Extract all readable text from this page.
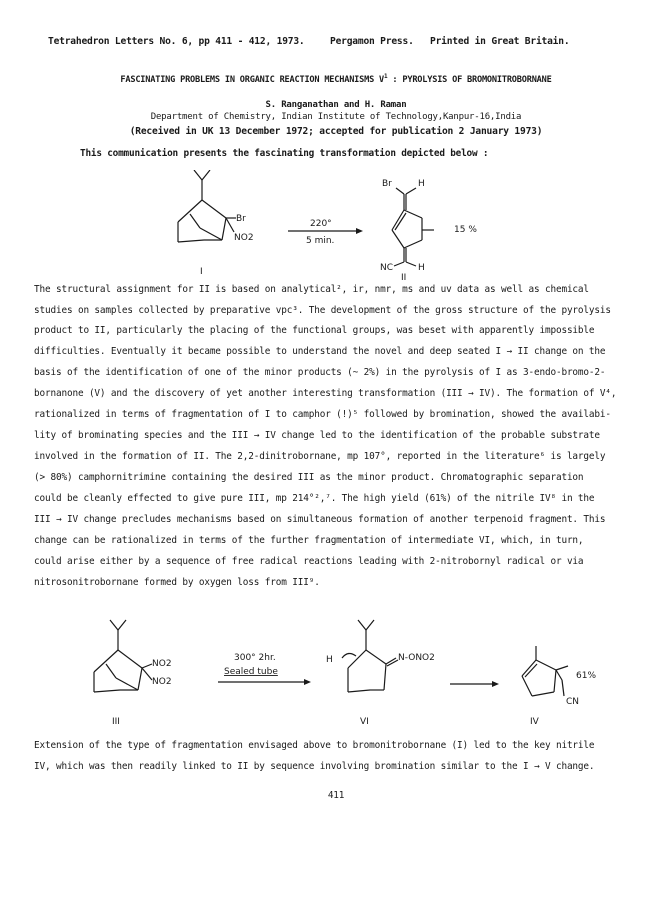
Tetrahedron Letters No. 6, pp 411 - 412, 1973.	Pergamon Press. Printed in Great Britain.
FASCINATING PROBLEMS IN ORGANIC REACTION MECHANISMS $V^1$ : PYROLYSIS OF BROMONITROBORNANE
S. Ranganathan and H. Raman
Department of Chemistry, Indian Institute of Technology,Kanpur-16,India
(Received in UK 13 December 1972; accepted for publication 2 January 1973)
This communication presents the fascinating transformation depicted below :
Br
NO2
I
220°
5 min.
Br	H
NC	H
II
15 %
The structural assignment for II is based on analytical², ir, nmr, ms and uv data as well as chemical
studies on samples collected by preparative vpc³. The development of the gross structure of the pyrolysis
product to II, particularly the placing of the functional groups, was beset with apparently impossible
difficulties. Eventually it became possible to understand the novel and deep seated I → II change on the
basis of the identification of one of the minor products (~ 2%) in the pyrolysis of I as 3-endo-bromo-2-
bornanone (V) and the discovery of yet another interesting transformation (III → IV). The formation of V⁴,
rationalized in terms of fragmentation of I to camphor (!)⁵ followed by bromination, showed the availabi-
lity of brominating species and the III → IV change led to the identification of the probable substrate
involved in the formation of II. The 2,2-dinitrobornane, mp 107°, reported in the literature⁶ is largely
(> 80%) camphornitrimine containing the desired III as the minor product. Chromatographic separation
could be cleanly effected to give pure III, mp 214°²,⁷. The high yield (61%) of the nitrile IV⁸ in the
III → IV change precludes mechanisms based on simultaneous formation of another terpenoid fragment. This
change can be rationalized in terms of the further fragmentation of intermediate VI, which, in turn,
could arise either by a sequence of free radical reactions leading with 2-nitrobornyl radical or via
nitrosonitrobornane formed by oxygen loss from III⁹.
NO2
NO2
III
300° 2hr.
Sealed tube
H	N-ONO2
VI
CN
IV
61%
Extension of the type of fragmentation envisaged above to bromonitrobornane (I) led to the key nitrile
IV, which was then readily linked to II by sequence involving bromination similar to the I → V change.
411
